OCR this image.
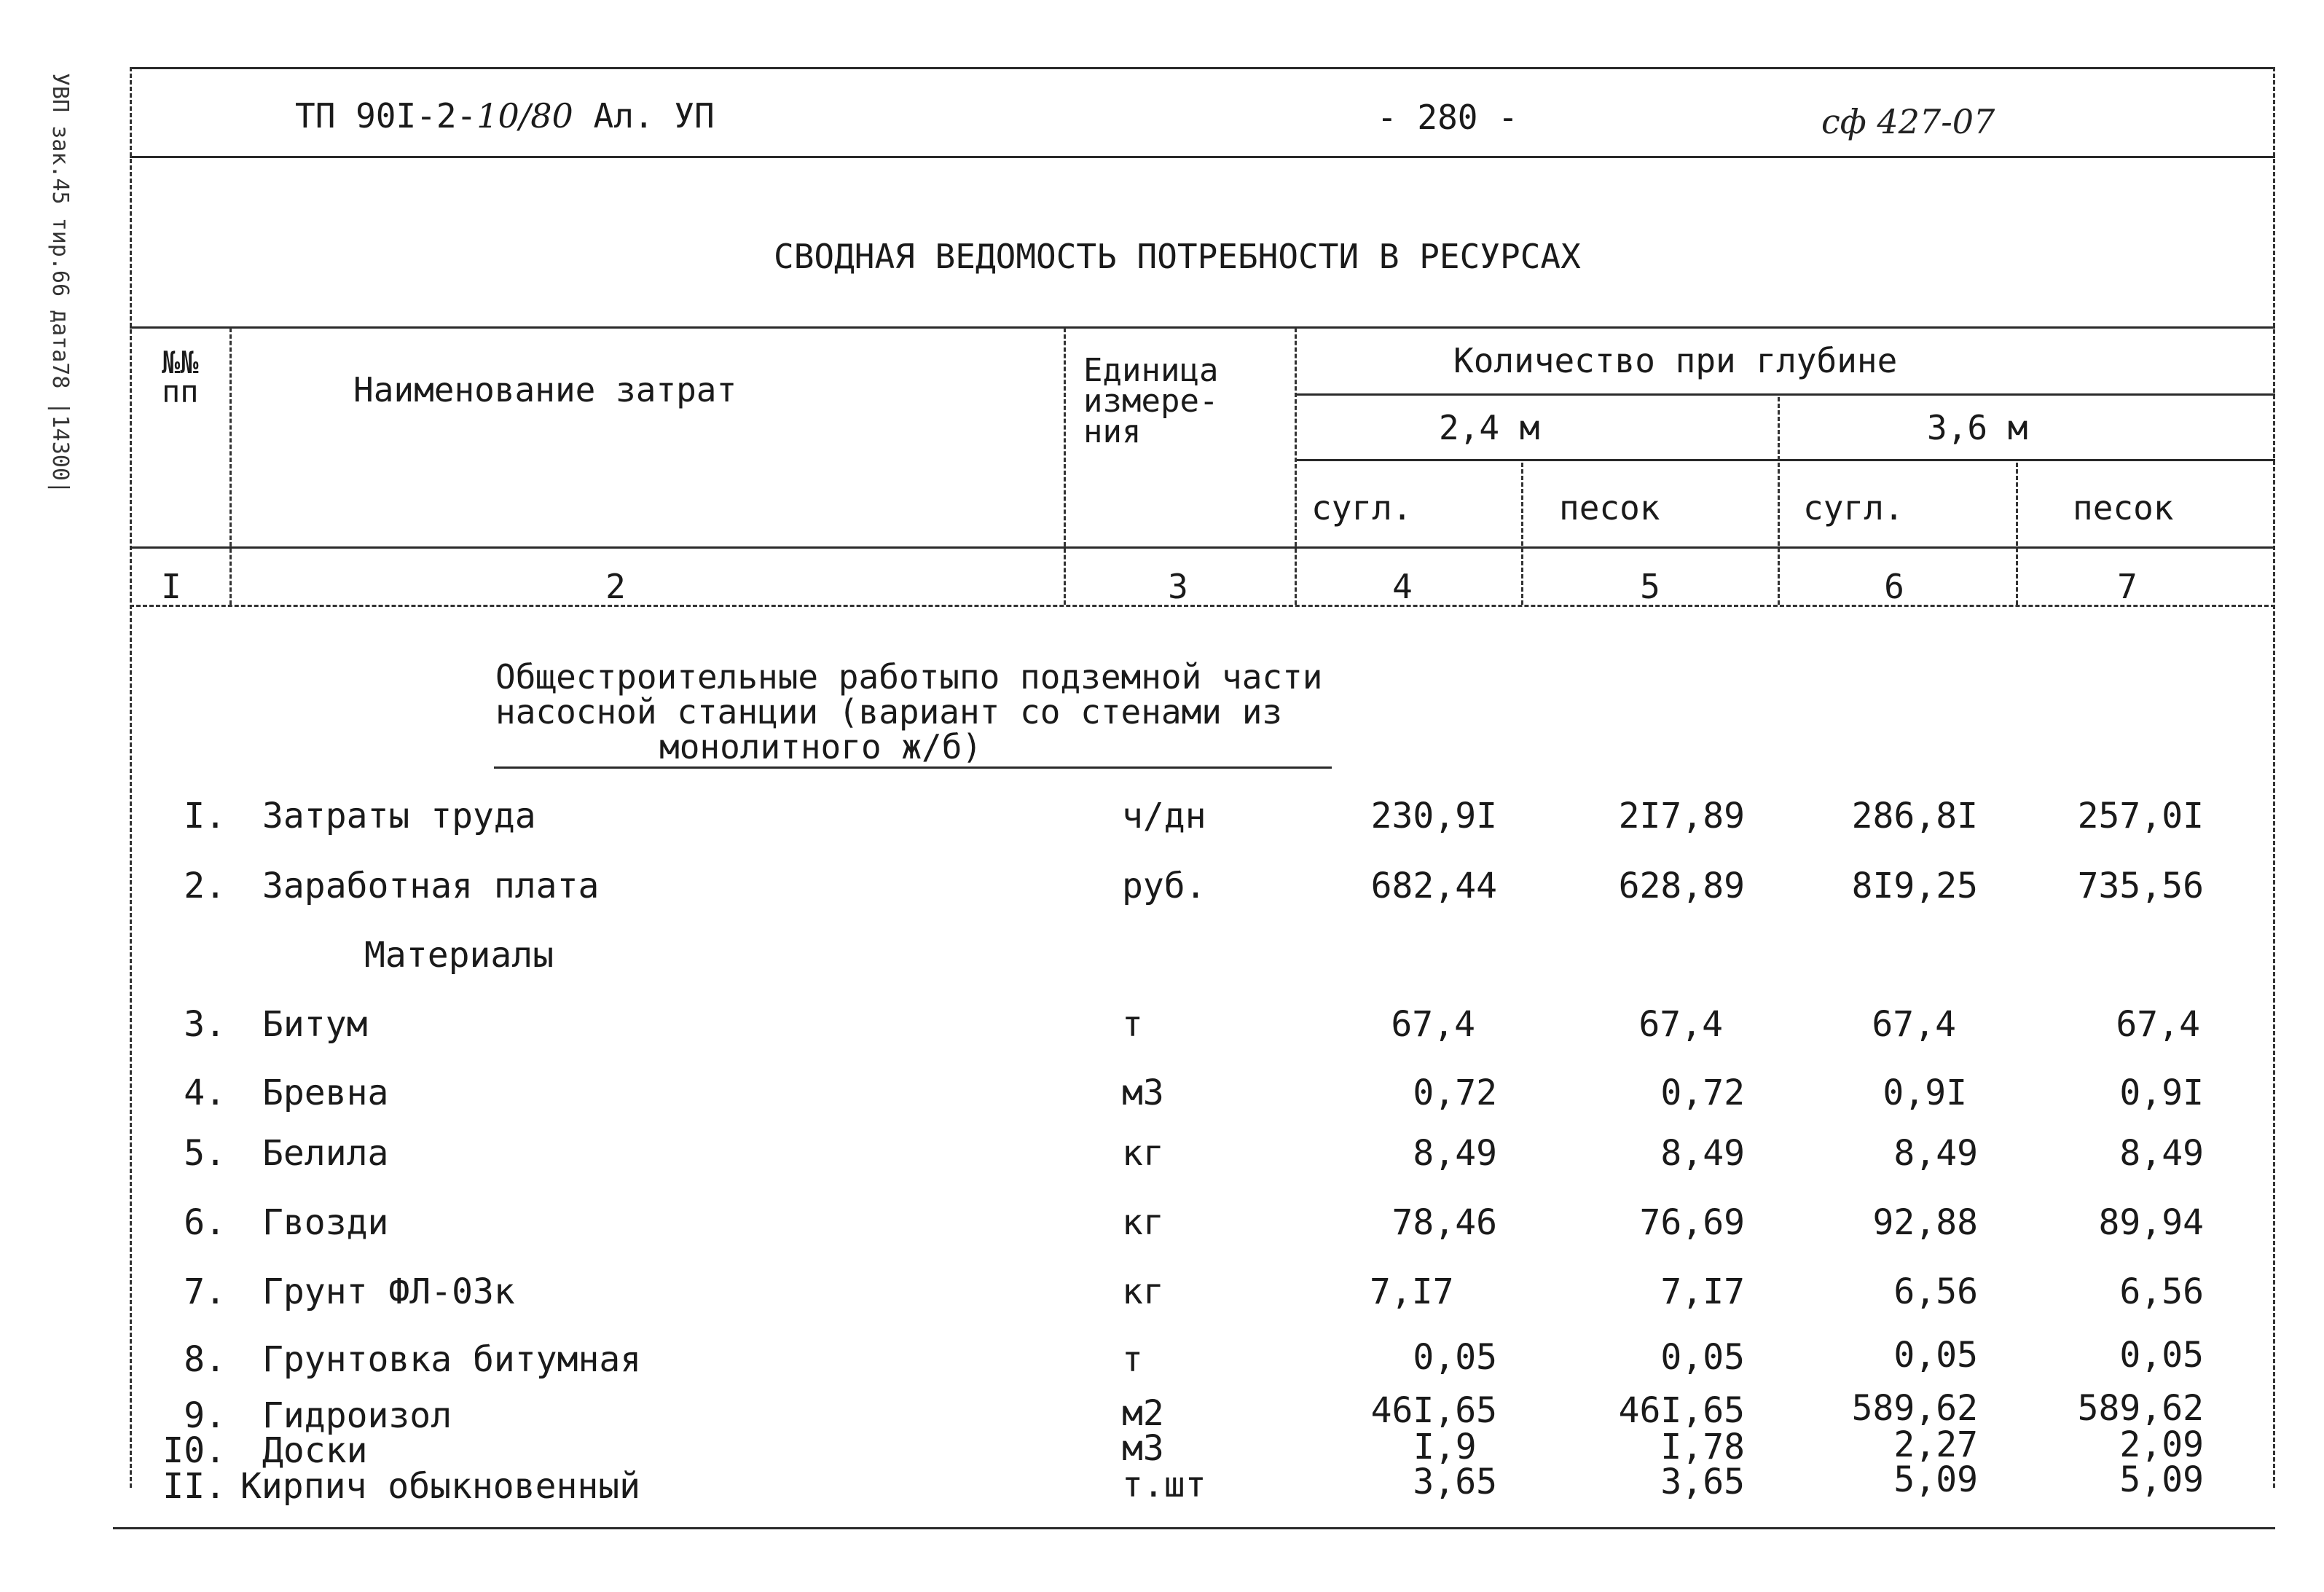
УВП зак.45 тир.66 дата78 |14300|	ТП 90I-2-10/80 Ал. УП	- 280 -	сф 427-07
СВОДНАЯ ВЕДОМОСТЬ ПОТРЕБНОСТИ В РЕСУРСАХ
№№
пп	Наименование затрат	Единица
измере-
ния
Количество при глубине
2,4 м	3,6 м
сугл.	песок	сугл.	песок
I	2	3	4	5	6	7
Общестроительные работыпо подземной части
насосной станции (вариант со стенами из
монолитного ж/б)
I. Затраты труда	ч/дн	230,9I	2I7,89	286,8I	257,0I
2. Заработная плата	руб.	682,44	628,89	8I9,25	735,56
Материалы
3. Битум	т	67,4	67,4	67,4	67,4
4. Бревна	м3	0,72	0,72	0,9I	0,9I
5. Белила	кг	8,49	8,49	8,49	8,49
6. Гвозди	кг	78,46	76,69	92,88	89,94
7. Грунт ФЛ-03к	кг	7,I7	7,I7	6,56	6,56
8. Грунтовка битумная	т	0,05	0,05	0,05	0,05
9. Гидроизол	м2	46I,65	46I,65	589,62	589,62
I0. Доски	м3	I,9	I,78	2,27	2,09
II. Кирпич обыкновенный	т.шт	3,65	3,65	5,09	5,09
